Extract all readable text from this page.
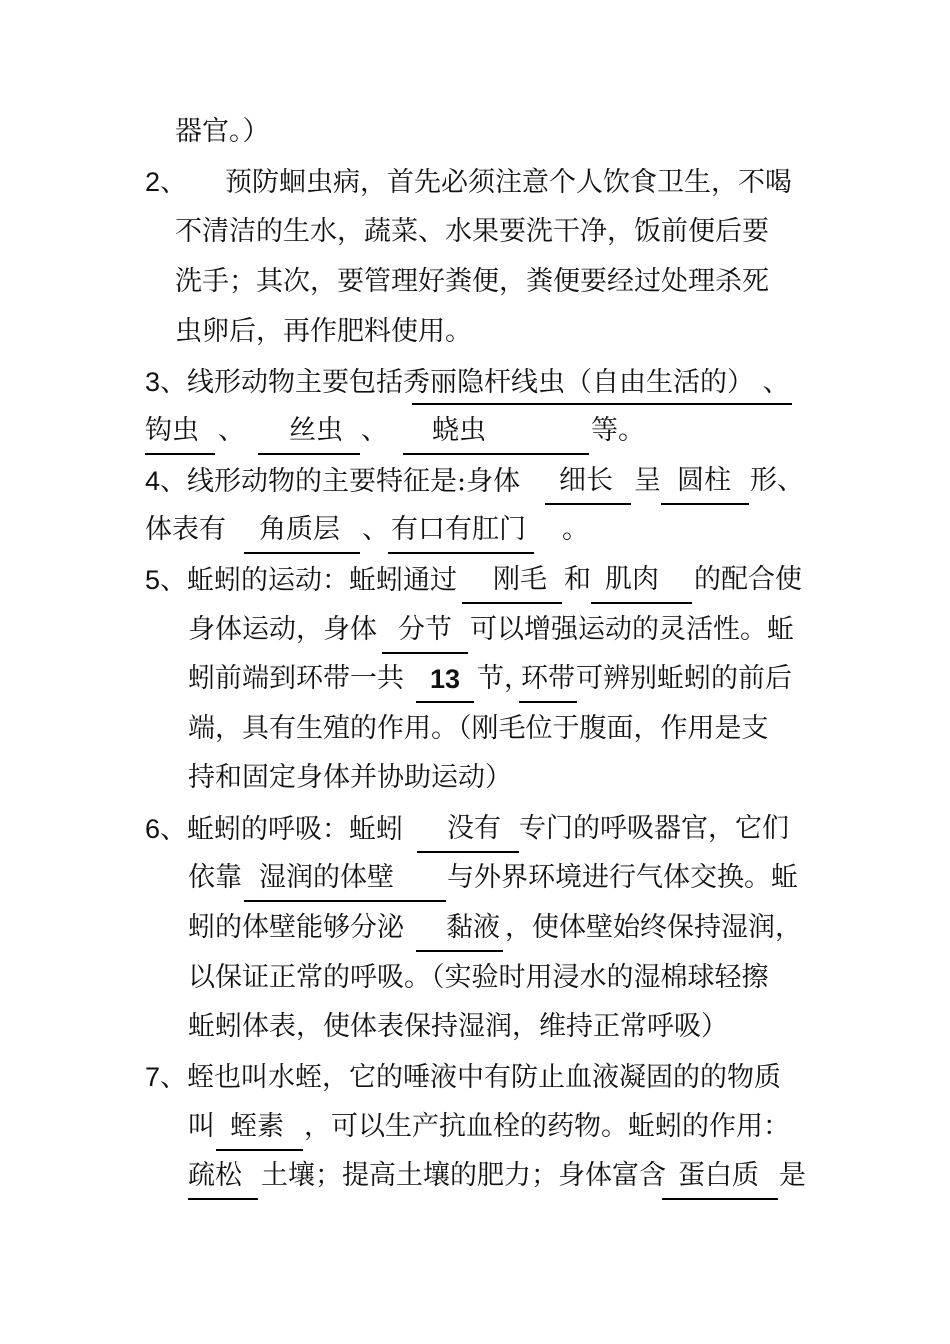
器官。）
2、 预防蛔虫病，首先必须注意个人饮食卫生，不喝
不清洁的生水，蔬菜、水果要洗干净，饭前便后要
洗手；其次，要管理好粪便，粪便要经过处理杀死
虫卵后，再作肥料使用。
3、线形动物主要包括秀丽隐杆线虫（自由生活的） 、
钩虫 、 丝虫 、 蛲虫	等。
4、线形动物的主要特征是:身体 细长 呈 圆柱 形、
体表有 角质层 、 有口有肛门 。
5、蚯蚓的运动：蚯蚓通过 刚毛 和 肌肉 的配合使
身体运动，身体 分节 可以增强运动的灵活性。蚯
蚓前端到环带一共 13 节，
环带 可辨别蚯蚓的前后
端，具有生殖的作用。（刚毛位于腹面，作用是支
持和固定身体并协助运动）
6、蚯蚓的呼吸：蚯蚓 没有 专门的呼吸器官，它们
依靠 湿润的体壁 与外界环境进行气体交换。蚯
蚓的体壁能够分泌 黏液 ，使体壁始终保持湿润，
以保证正常的呼吸。（实验时用浸水的湿棉球轻擦
蚯蚓体表，使体表保持湿润，维持正常呼吸）
7、蛭也叫水蛭，它的唾液中有防止血液凝固的的物质
叫 蛭素 ，可以生产抗血栓的药物。蚯蚓的作用：
疏松 土壤；提高土壤的肥力；身体富含 蛋白质 是
